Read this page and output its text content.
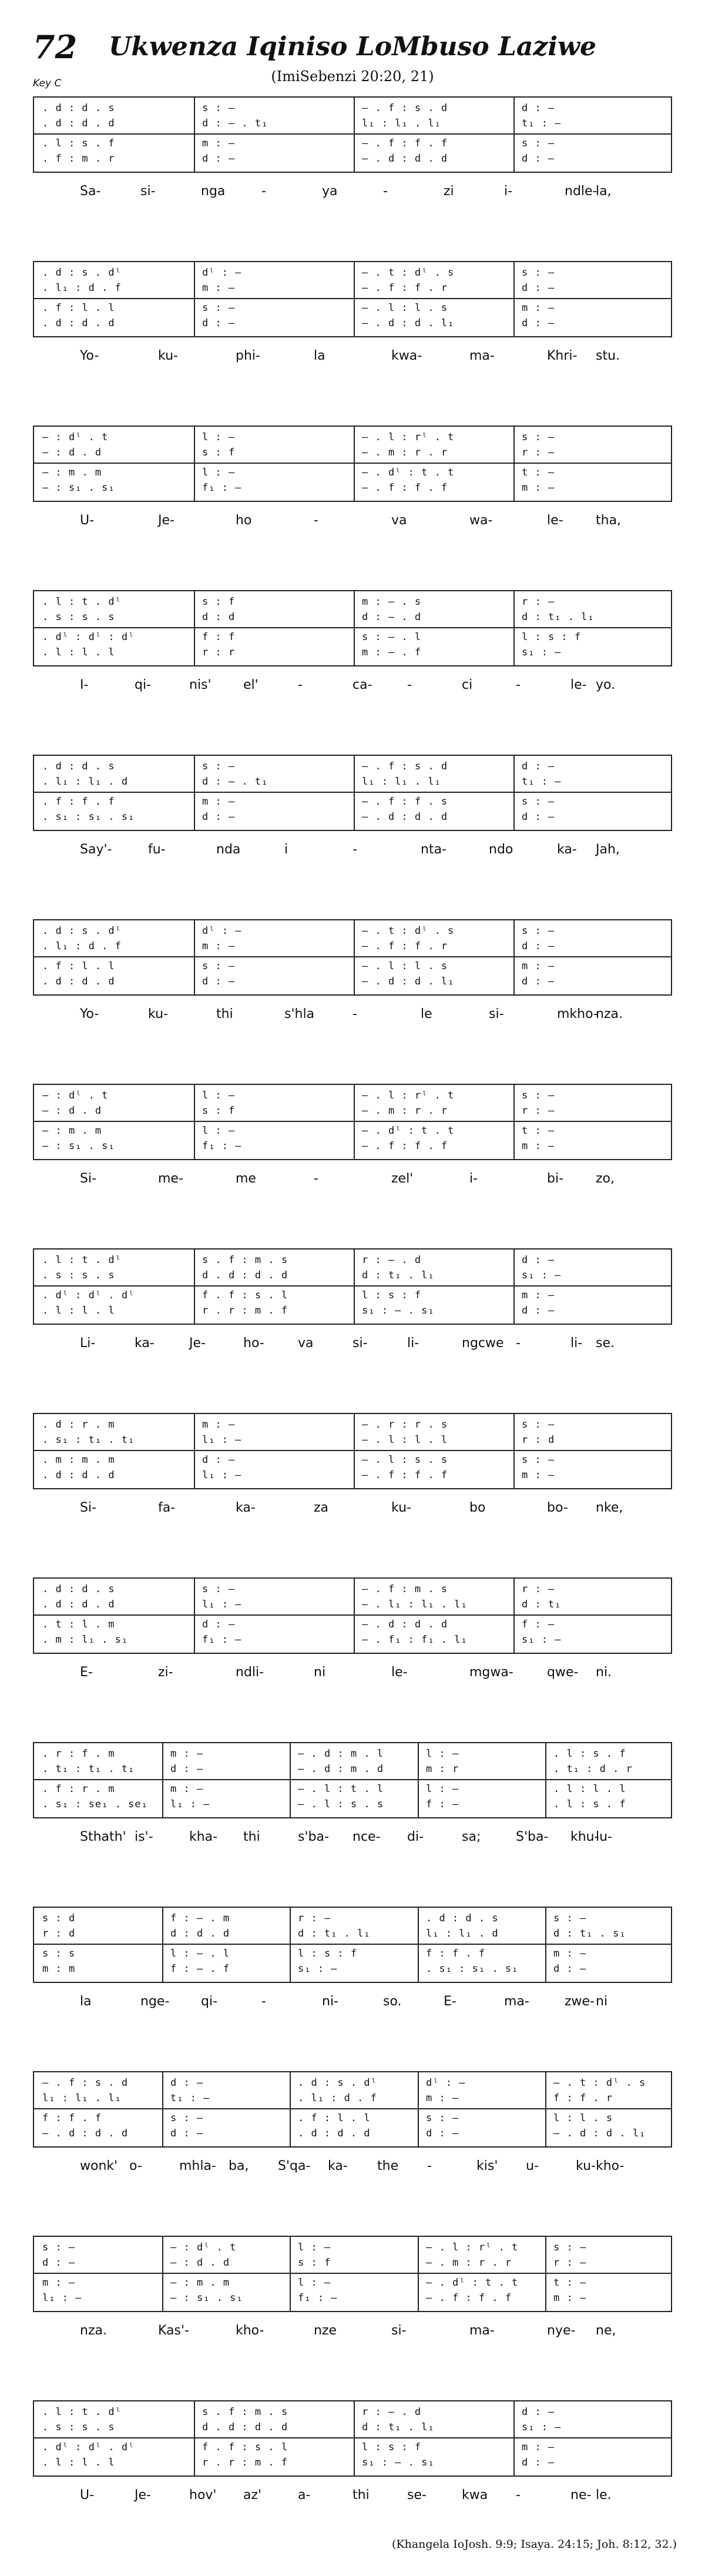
72	Ukwenza Iqiniso LoMbuso Laziwe
(ImiSebenzi 20:20, 21)
Key C
. d : d . s	s : —	— . f : s . d	d : —
. d : d . d	d : — . t₁	l₁ : l₁ . l₁	t₁ : —
. l : s . f	m : —	— . f : f . f	s : —
. f : m . r	d : —	— . d : d . d	d : —
Sa-	si-	nga	-	ya	-	zi	i-	ndle-
la,
. d : s . dˡ	dˡ : —	— . t : dˡ . s	s : —
. l₁ : d . f	m : —	— . f : f . r	d : —
. f : l . l	s : —	— . l : l . s	m : —
. d : d . d	d : —	— . d : d . l₁	d : —
Yo-	ku-	phi-	la	kwa-	ma-	Khri- stu.
— : dˡ . t	l : —	— . l : rˡ . t	s : —
— : d . d	s : f	— . m : r . r	r : —
— : m . m	l : —	— . dˡ : t . t	t : —
— : s₁ . s₁	f₁ : —	— . f : f . f	m : —
U-	Je-	ho	-	va	wa-	le-	tha,
. l : t . dˡ	s : f	m : — . s	r : —
. s : s . s	d : d	d : — . d	d : t₁ . l₁
. dˡ : dˡ : dˡ	f : f	s : — . l	l : s : f
. l : l . l	r : r	m : — . f	s₁ : —
I-	qi-	nis' el'	-	ca-	-	ci	-	le- yo.
. d : d . s	s : —	— . f : s . d	d : —
. l₁ : l₁ . d	d : — . t₁	l₁ : l₁ . l₁	t₁ : —
. f : f . f	m : —	— . f : f . s	s : —
. s₁ : s₁ . s₁	d : —	— . d : d . d	d : —
Say'-	fu-	nda	i	-	nta-	ndo	ka- Jah,
. d : s . dˡ	dˡ : —	— . t : dˡ . s	s : —
. l₁ : d . f	m : —	— . f : f . r	d : —
. f : l . l	s : —	— . l : l . s	m : —
. d : d . d	d : —	— . d : d . l₁	d : —
Yo-	ku-	thi	s'hla	-	le	si-	mkho-
nza.
— : dˡ . t	l : —	— . l : rˡ . t	s : —
— : d . d	s : f	— . m : r . r	r : —
— : m . m	l : —	— . dˡ : t . t	t : —
— : s₁ . s₁	f₁ : —	— . f : f . f	m : —
Si-	me-	me	-	zel'	i-	bi- zo,
. l : t . dˡ	s . f : m . s	r : — . d	d : —
. s : s . s	d . d : d . d	d : t₁ . l₁	s₁ : —
. dˡ : dˡ . dˡ	f . f : s . l	l : s : f	m : —
. l : l . l	r . r : m . f	s₁ : — . s₁	d : —
Li-	ka-	Je-	ho-	va	si-	li-	ngcwe -	li- se.
. d : r . m	m : —	— . r : r . s	s : —
. s₁ : t₁ . t₁	l₁ : —	— . l : l . l	r : d
. m : m . m	d : —	— . l : s . s	s : —
. d : d . d	l₁ : —	— . f : f . f	m : —
Si-	fa-	ka-	za	ku-	bo	bo- nke,
. d : d . s	s : —	— . f : m . s	r : —
. d : d . d	l₁ : —	— . l₁ : l₁ . l₁	d : t₁
. t : l . m	d : —	— . d : d . d	f : —
. m : l₁ . s₁	f₁ : —	— . f₁ : f₁ . l₁	s₁ : —
E-	zi-	ndli-	ni	le-	mgwa-	qwe- ni.
. r : f . m	m : —	— . d : m . l	l : —	. l : s . f
. t₁ : t₁ . t₁	d : —	— . d : m . d	m : r	. t₁ : d . r
. f : r . m	m : —	— . l : t . l	l : —	. l : l . l
. s₁ : se₁ . se₁	l₁ : —	— . l : s . s	f : —	. l : s . f
Sthath' is'-	kha- thi	s'ba- nce- di-	sa;	S'ba- khu-
lu-
s : d	f : — . m	r : —	. d : d . s	s : —
r : d	d : d . d	d : t₁ . l₁	l₁ : l₁ . d	d : t₁ . s₁
s : s	l : — . l	l : s : f	f : f . f	m : —
m : m	f : — . f	s₁ : —	. s₁ : s₁ . s₁	d : —
la	nge- qi-	-	ni-	so.	E-	ma-	zwe- ni
— . f : s . d	d : —	. d : s . dˡ	dˡ : —	— . t : dˡ . s
l₁ : l₁ . l₁	t₁ : —	. l₁ : d . f	m : —	f : f . r
f : f . f	s : —	. f : l . l	s : —	l : l . s
— . d : d . d	d : —	. d : d . d	d : —	— . d : d . l₁
wonk' o-	mhla- ba, S'qa- ka- the -	kis' u-	ku- kho-
s : —	— : dˡ . t	l : —	— . l : rˡ . t	s : —
d : —	— : d . d	s : f	— . m : r . r	r : —
m : —	— : m . m	l : —	— . dˡ : t . t	t : —
l₁ : —	— : s₁ . s₁	f₁ : —	— . f : f . f	m : —
nza.	Kas'-	kho-	nze	si-	ma-	nye- ne,
. l : t . dˡ	s . f : m . s	r : — . d	d : —
. s : s . s	d . d : d . d	d : t₁ . l₁	s₁ : —
. dˡ : dˡ . dˡ	f . f : s . l	l : s : f	m : —
. l : l . l	r . r : m . f	s₁ : — . s₁	d : —
U-	Je-	hov' az'	a-	thi	se-	kwa -	ne- le.
(Khangela IoJosh. 9:9; Isaya. 24:15; Joh. 8:12, 32.)
